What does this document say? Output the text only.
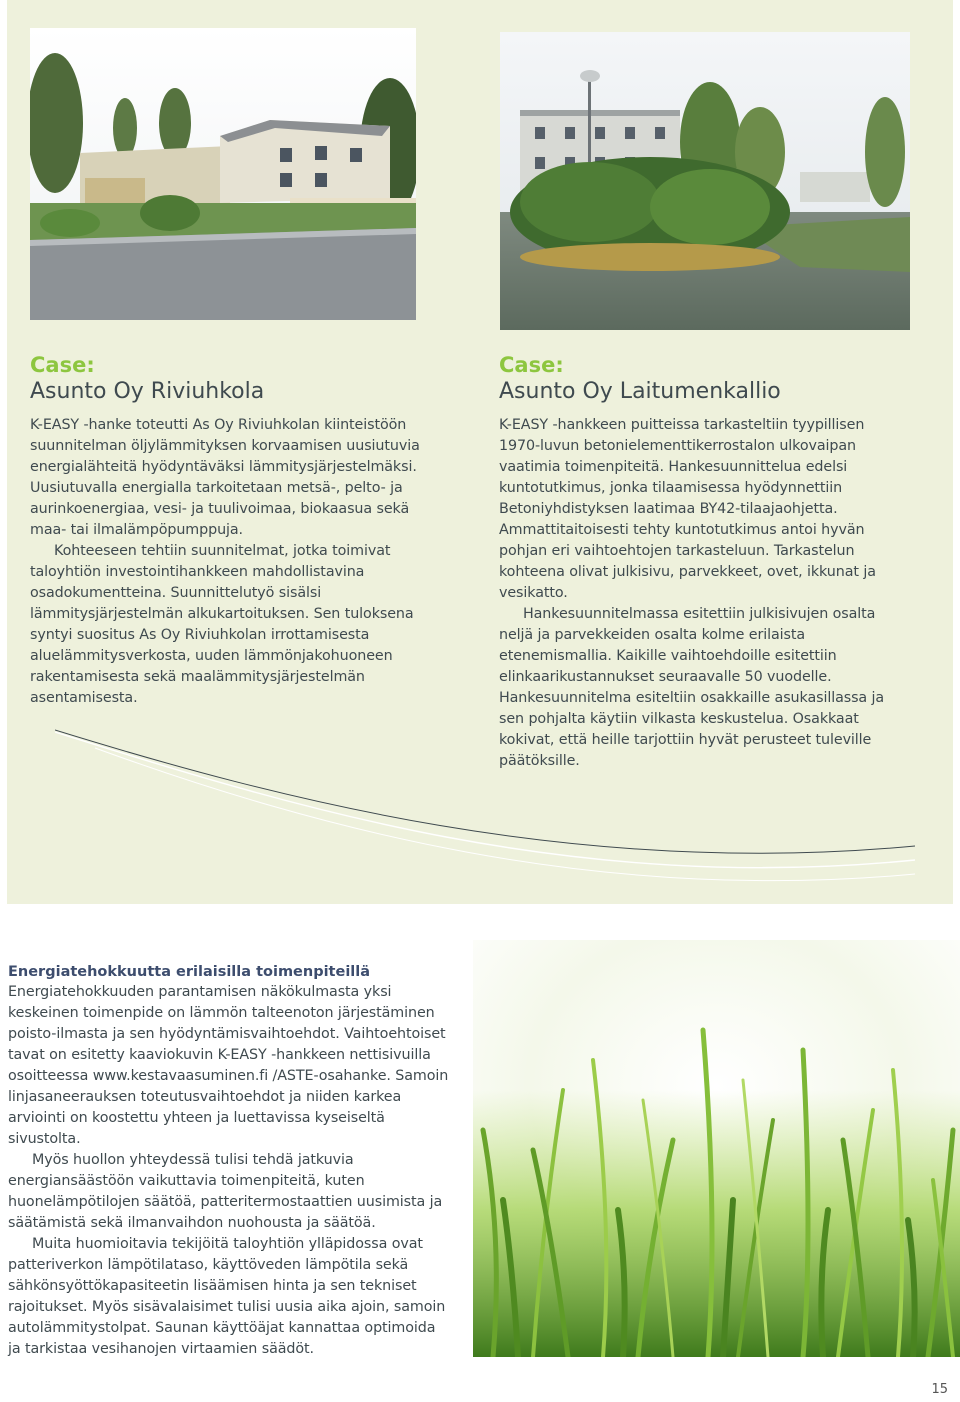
Case:
Asunto Oy Riviuhkola

K-EASY -hanke toteutti As Oy Riviuhkolan kiinteistöön suunnitelman öljylämmityksen korvaamisen uusiutuvia energialähteitä hyödyntäväksi lämmitysjärjestelmäksi. Uusiutuvalla energialla tarkoitetaan metsä-, pelto- ja aurinkoenergiaa, vesi- ja tuulivoimaa, biokaasua sekä maa- tai ilmalämpöpumppuja.

Kohteeseen tehtiin suunnitelmat, jotka toimivat taloyhtiön investointihankkeen mahdollistavina osadokumentteina. Suunnittelutyö sisälsi lämmitysjärjestelmän alkukartoituksen. Sen tuloksena syntyi suositus As Oy Riviuhkolan irrottamisesta aluelämmitysverkosta, uuden lämmönjakohuoneen rakentamisesta sekä maalämmitysjärjestelmän asentamisesta.

Case:
Asunto Oy Laitumenkallio

K-EASY -hankkeen puitteissa tarkasteltiin tyypillisen 1970-luvun betonielementtikerrostalon ulkovaipan vaatimia toimenpiteitä. Hankesuunnittelua edelsi kuntotutkimus, jonka tilaamisessa hyödynnettiin Betoniyhdistyksen laatimaa BY42-tilaajaohjetta. Ammattitaitoisesti tehty kuntotutkimus antoi hyvän pohjan eri vaihtoehtojen tarkasteluun. Tarkastelun kohteena olivat julkisivu, parvekkeet, ovet, ikkunat ja vesikatto.

Hankesuunnitelmassa esitettiin julkisivujen osalta neljä ja parvekkeiden osalta kolme erilaista etenemismallia. Kaikille vaihtoehdoille esitettiin elinkaarikustannukset seuraavalle 50 vuodelle. Hankesuunnitelma esiteltiin osakkaille asukasillassa ja sen pohjalta käytiin vilkasta keskustelua. Osakkaat kokivat, että heille tarjottiin hyvät perusteet tuleville päätöksille.

Energiatehokkuutta erilaisilla toimenpiteillä

Energiatehokkuuden parantamisen näkökulmasta yksi keskeinen toimenpide on lämmön talteenoton järjestäminen poisto-ilmasta ja sen hyödyntämisvaihtoehdot. Vaihtoehtoiset tavat on esitetty kaaviokuvin K-EASY -hankkeen nettisivuilla osoitteessa www.kestavaasuminen.fi /ASTE-osahanke. Samoin linjasaneerauksen toteutusvaihtoehdot ja niiden karkea arviointi on koostettu yhteen ja luettavissa kyseiseltä sivustolta.

Myös huollon yhteydessä tulisi tehdä jatkuvia energiansäästöön vaikuttavia toimenpiteitä, kuten huonelämpötilojen säätöä, patteritermostaattien uusimista ja säätämistä sekä ilmanvaihdon nuohousta ja säätöä.

Muita huomioitavia tekijöitä taloyhtiön ylläpidossa ovat patteriverkon lämpötilataso, käyttöveden lämpötila sekä sähkönsyöttökapasiteetin lisäämisen hinta ja sen tekniset rajoitukset. Myös sisävalaisimet tulisi uusia aika ajoin, samoin autolämmitystolpat. Saunan käyttöäjat kannattaa optimoida ja tarkistaa vesihanojen virtaamien säädöt.

15
